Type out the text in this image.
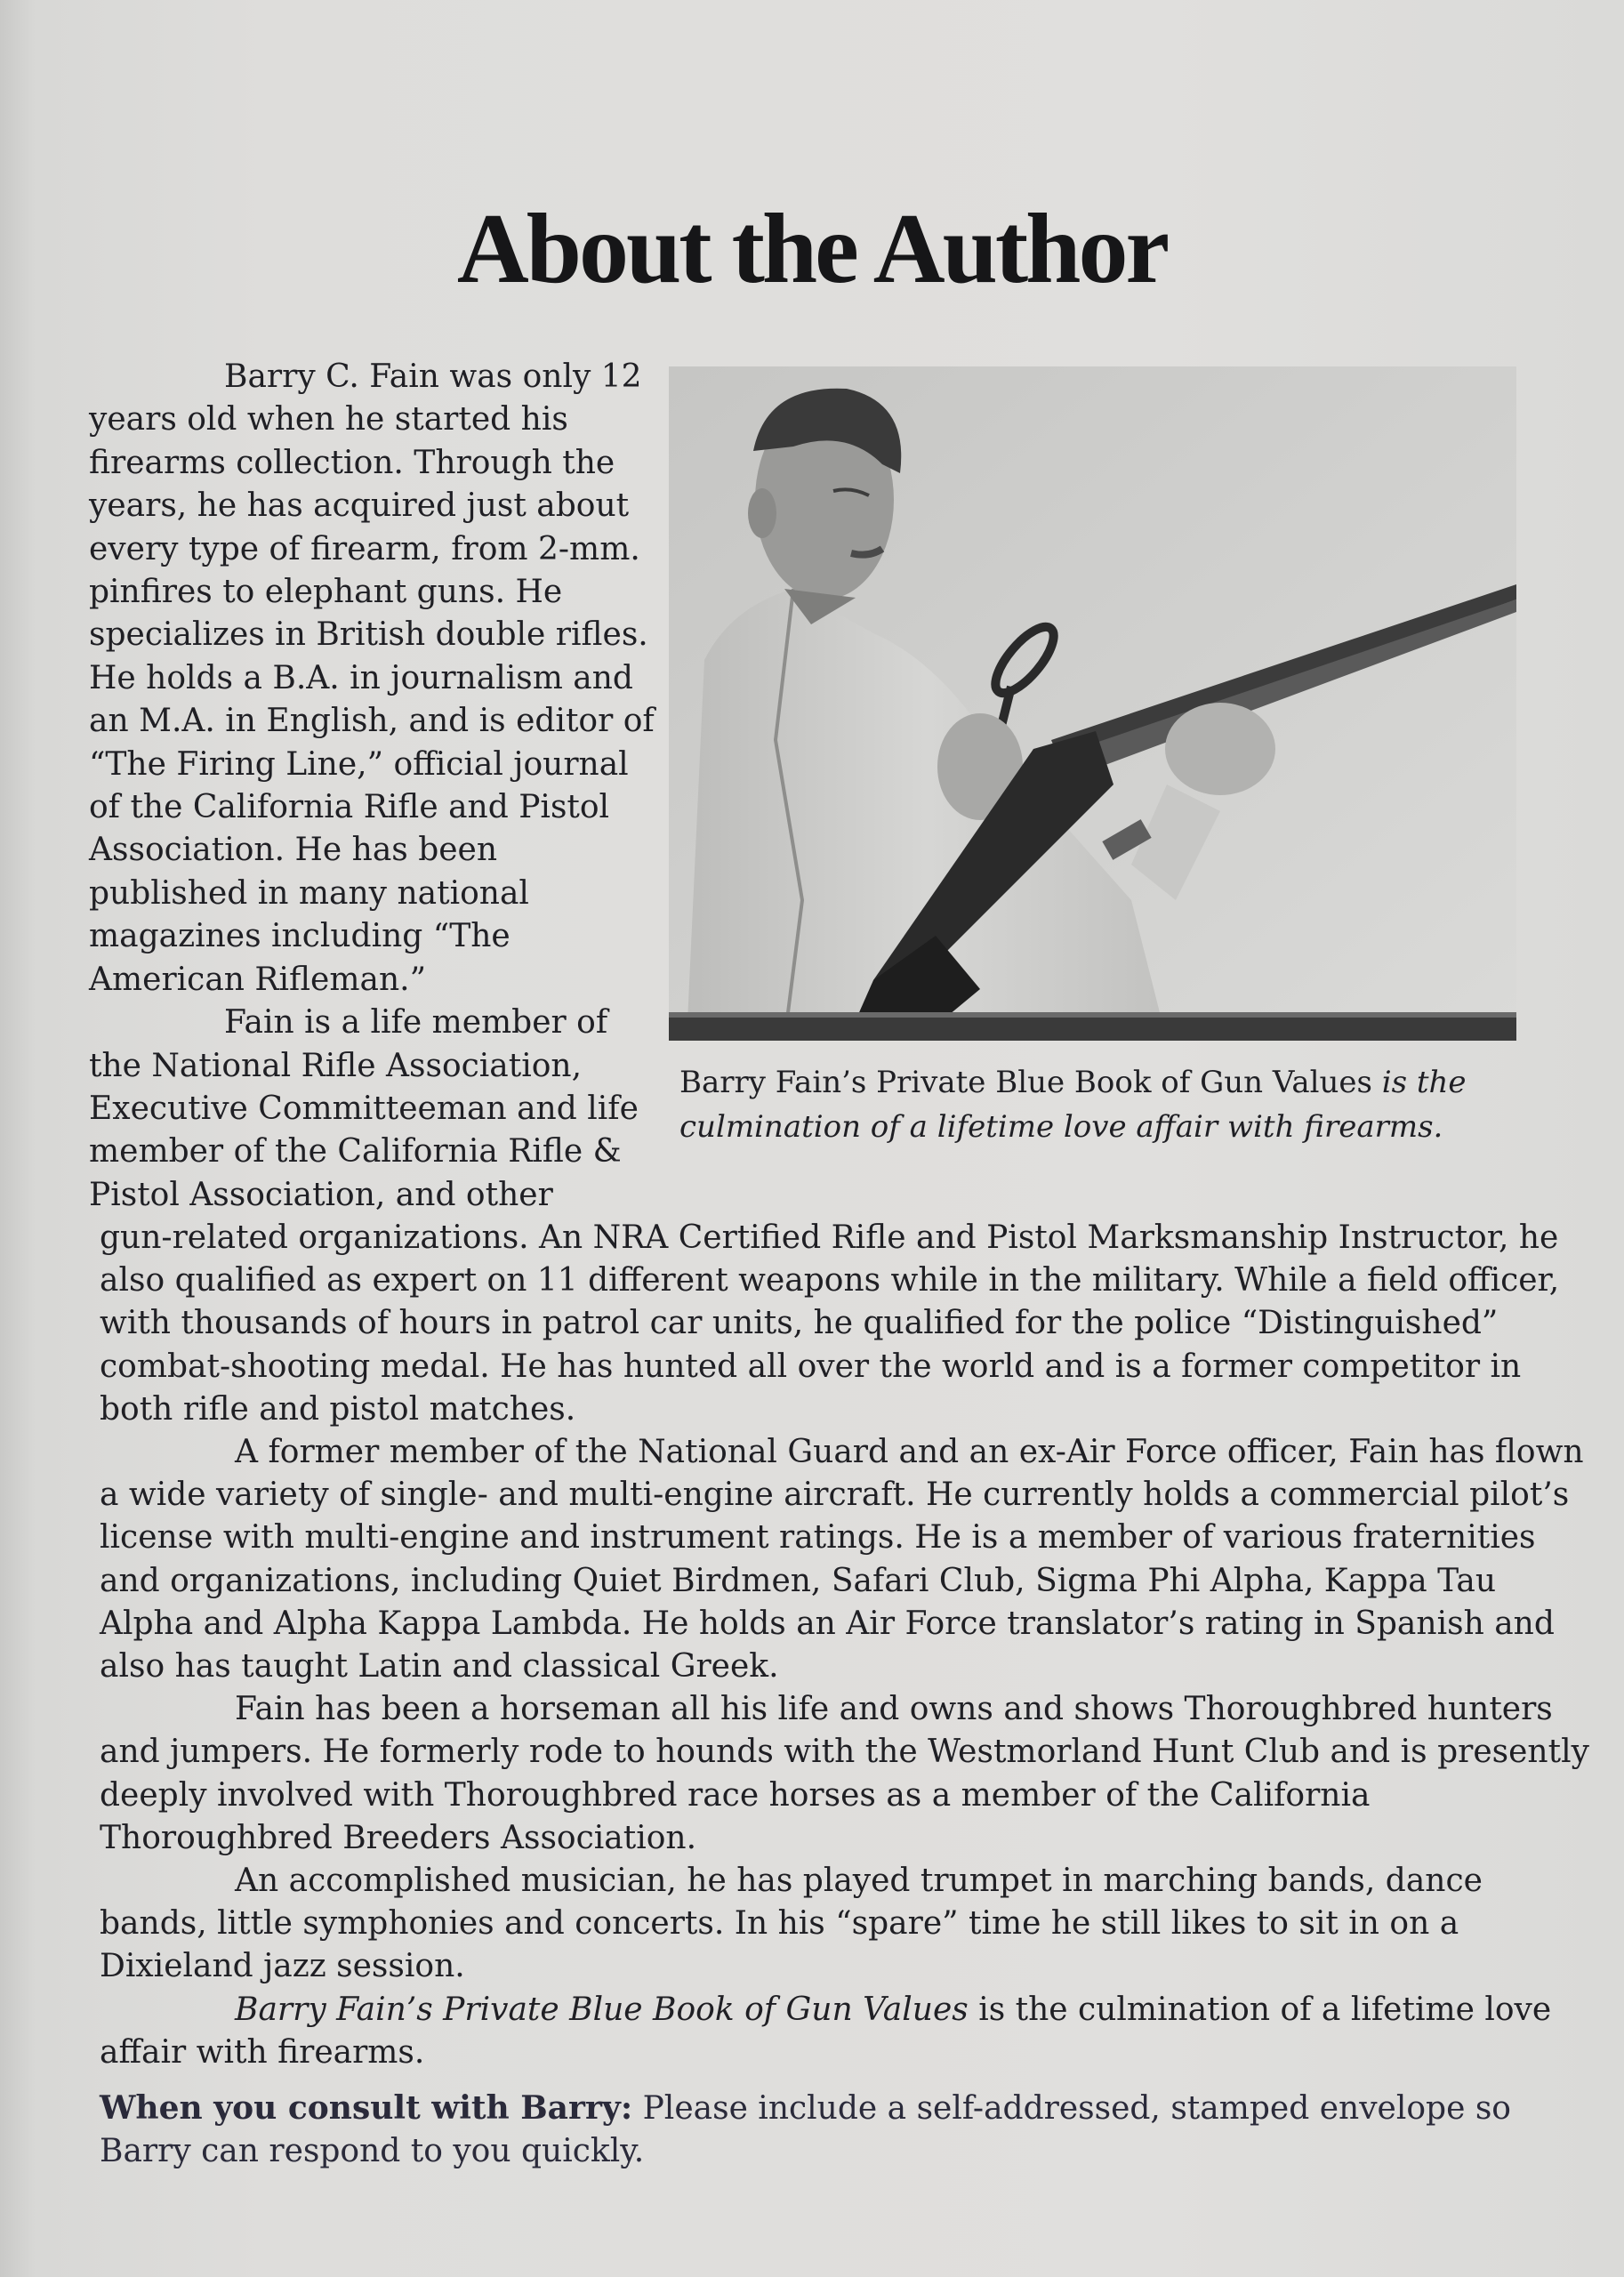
About the Author

Barry C. Fain was only 12 years old when he started his firearms collection. Through the years, he has acquired just about every type of firearm, from 2-mm. pinfires to elephant guns. He specializes in British double rifles. He holds a B.A. in journalism and an M.A. in English, and is editor of “The Firing Line,” official journal of the California Rifle and Pistol Association. He has been published in many national magazines including “The American Rifleman.”

Fain is a life member of the National Rifle Association, Executive Committeeman and life member of the California Rifle & Pistol Association, and other

Barry Fain’s Private Blue Book of Gun Values is the culmination of a lifetime love affair with firearms.

gun-related organizations. An NRA Certified Rifle and Pistol Marksmanship Instructor, he also qualified as expert on 11 different weapons while in the military. While a field officer, with thousands of hours in patrol car units, he qualified for the police “Distinguished” combat-shooting medal. He has hunted all over the world and is a former competitor in both rifle and pistol matches.

A former member of the National Guard and an ex-Air Force officer, Fain has flown a wide variety of single- and multi-engine aircraft. He currently holds a commercial pilot’s license with multi-engine and instrument ratings. He is a member of various fraternities and organizations, including Quiet Birdmen, Safari Club, Sigma Phi Alpha, Kappa Tau Alpha and Alpha Kappa Lambda. He holds an Air Force translator’s rating in Spanish and also has taught Latin and classical Greek.

Fain has been a horseman all his life and owns and shows Thoroughbred hunters and jumpers. He formerly rode to hounds with the Westmorland Hunt Club and is presently deeply involved with Thoroughbred race horses as a member of the California Thoroughbred Breeders Association.

An accomplished musician, he has played trumpet in marching bands, dance bands, little symphonies and concerts. In his “spare” time he still likes to sit in on a Dixieland jazz session.

Barry Fain’s Private Blue Book of Gun Values is the culmination of a lifetime love affair with firearms.

When you consult with Barry: Please include a self-addressed, stamped envelope so Barry can respond to you quickly.
